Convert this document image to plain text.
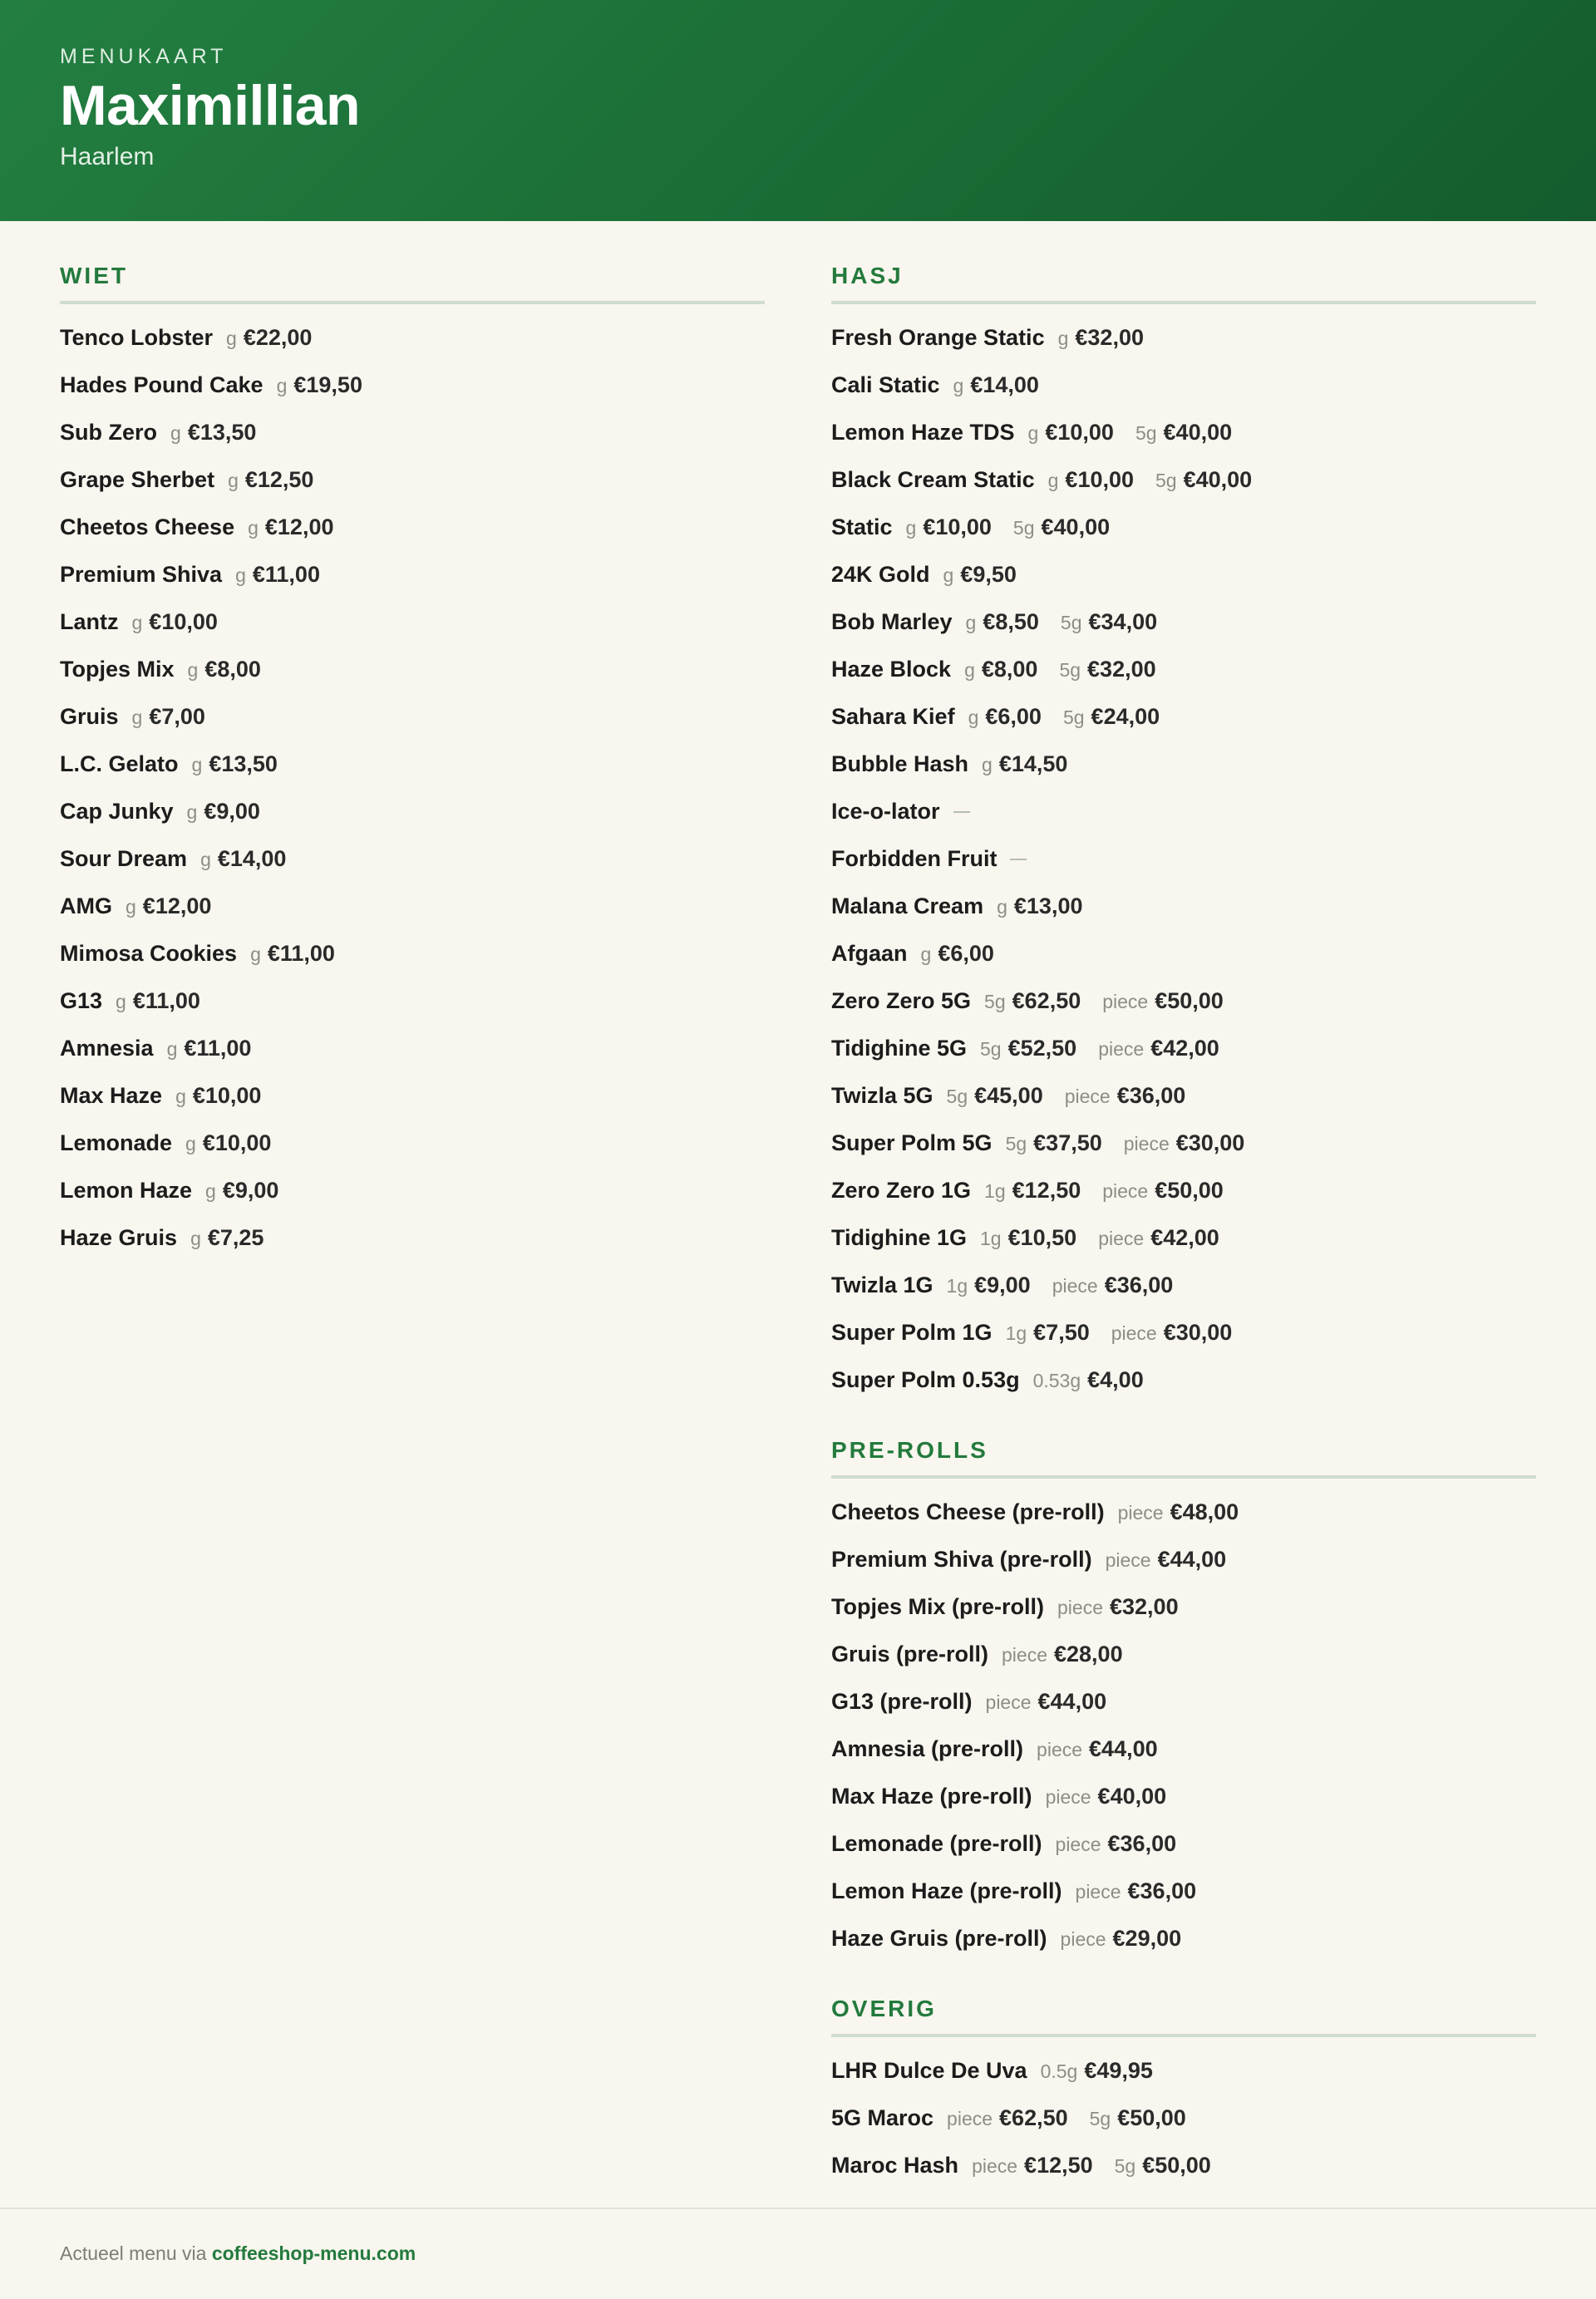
MENUKAART
Maximillian
Haarlem
WIET
Tenco Lobster g €22,00
Hades Pound Cake g €19,50
Sub Zero g €13,50
Grape Sherbet g €12,50
Cheetos Cheese g €12,00
Premium Shiva g €11,00
Lantz g €10,00
Topjes Mix g €8,00
Gruis g €7,00
L.C. Gelato g €13,50
Cap Junky g €9,00
Sour Dream g €14,00
AMG g €12,00
Mimosa Cookies g €11,00
G13 g €11,00
Amnesia g €11,00
Max Haze g €10,00
Lemonade g €10,00
Lemon Haze g €9,00
Haze Gruis g €7,25
HASJ
Fresh Orange Static g €32,00
Cali Static g €14,00
Lemon Haze TDS g €10,00 5g €40,00
Black Cream Static g €10,00 5g €40,00
Static g €10,00 5g €40,00
24K Gold g €9,50
Bob Marley g €8,50 5g €34,00
Haze Block g €8,00 5g €32,00
Sahara Kief g €6,00 5g €24,00
Bubble Hash g €14,50
Ice-o-lator
Forbidden Fruit
Malana Cream g €13,00
Afgaan g €6,00
Zero Zero 5G 5g €62,50 piece €50,00
Tidighine 5G 5g €52,50 piece €42,00
Twizla 5G 5g €45,00 piece €36,00
Super Polm 5G 5g €37,50 piece €30,00
Zero Zero 1G 1g €12,50 piece €50,00
Tidighine 1G 1g €10,50 piece €42,00
Twizla 1G 1g €9,00 piece €36,00
Super Polm 1G 1g €7,50 piece €30,00
Super Polm 0.53g 0.53g €4,00
PRE-ROLLS
Cheetos Cheese (pre-roll) piece €48,00
Premium Shiva (pre-roll) piece €44,00
Topjes Mix (pre-roll) piece €32,00
Gruis (pre-roll) piece €28,00
G13 (pre-roll) piece €44,00
Amnesia (pre-roll) piece €44,00
Max Haze (pre-roll) piece €40,00
Lemonade (pre-roll) piece €36,00
Lemon Haze (pre-roll) piece €36,00
Haze Gruis (pre-roll) piece €29,00
OVERIG
LHR Dulce De Uva 0.5g €49,95
5G Maroc piece €62,50 5g €50,00
Maroc Hash piece €12,50 5g €50,00
Actueel menu via coffeeshop-menu.com
